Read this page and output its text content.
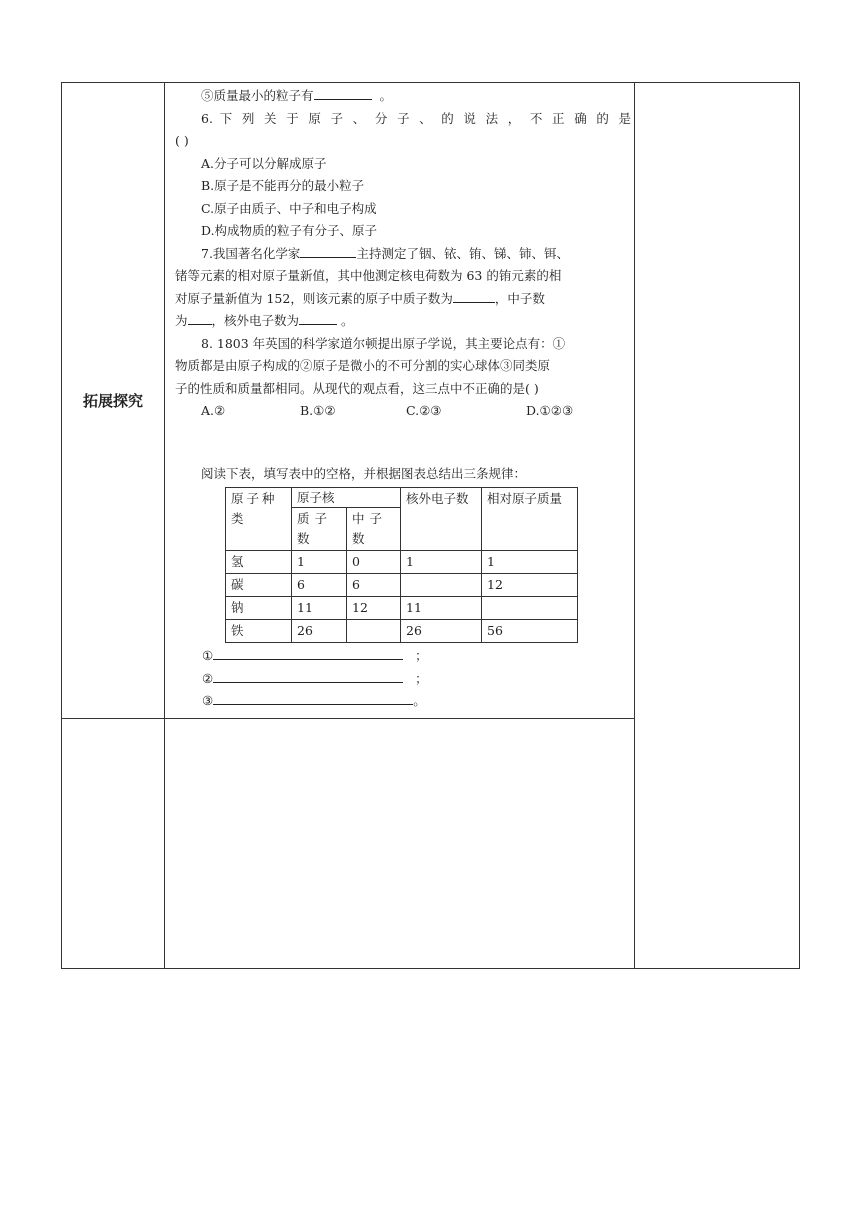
拓展探究	

⑤质量最小的粒子有	。

6. 下 列 关 于 原 子 、 分 子 、 的 说 法 ， 不 正 确 的 是

( )

A.分子可以分解成原子

B.原子是不能再分的最小粒子

C.原子由质子、中子和电子构成

D.构成物质的粒子有分子、原子

7.我国著名化学家	主持测定了铟、铱、铕、锑、铈、铒、

锗等元素的相对原子量新值，其中他测定核电荷数为 63 的铕元素的相

对原子量新值为 152，则该元素的原子中质子数为	，中子数

为 ，核外电子数为	。

8. 1803 年英国的科学家道尔顿提出原子学说，其主要论点有：①

物质都是由原子构成的②原子是微小的不可分割的实心球体③同类原

子的性质和质量都相同。从现代的观点看，这三点中不正确的是( )

A.②	B.①②	C.②③	D.①②③

阅读下表，填写表中的空格，并根据图表总结出三条规律：

原子种类	原子核	核外电子数	相对原子质量
质子数	中子数
氢	1	0	1	1
碳	6	6		12
钠	11	12	11	
铁	26		26	56

①	；

②	；

③	。
